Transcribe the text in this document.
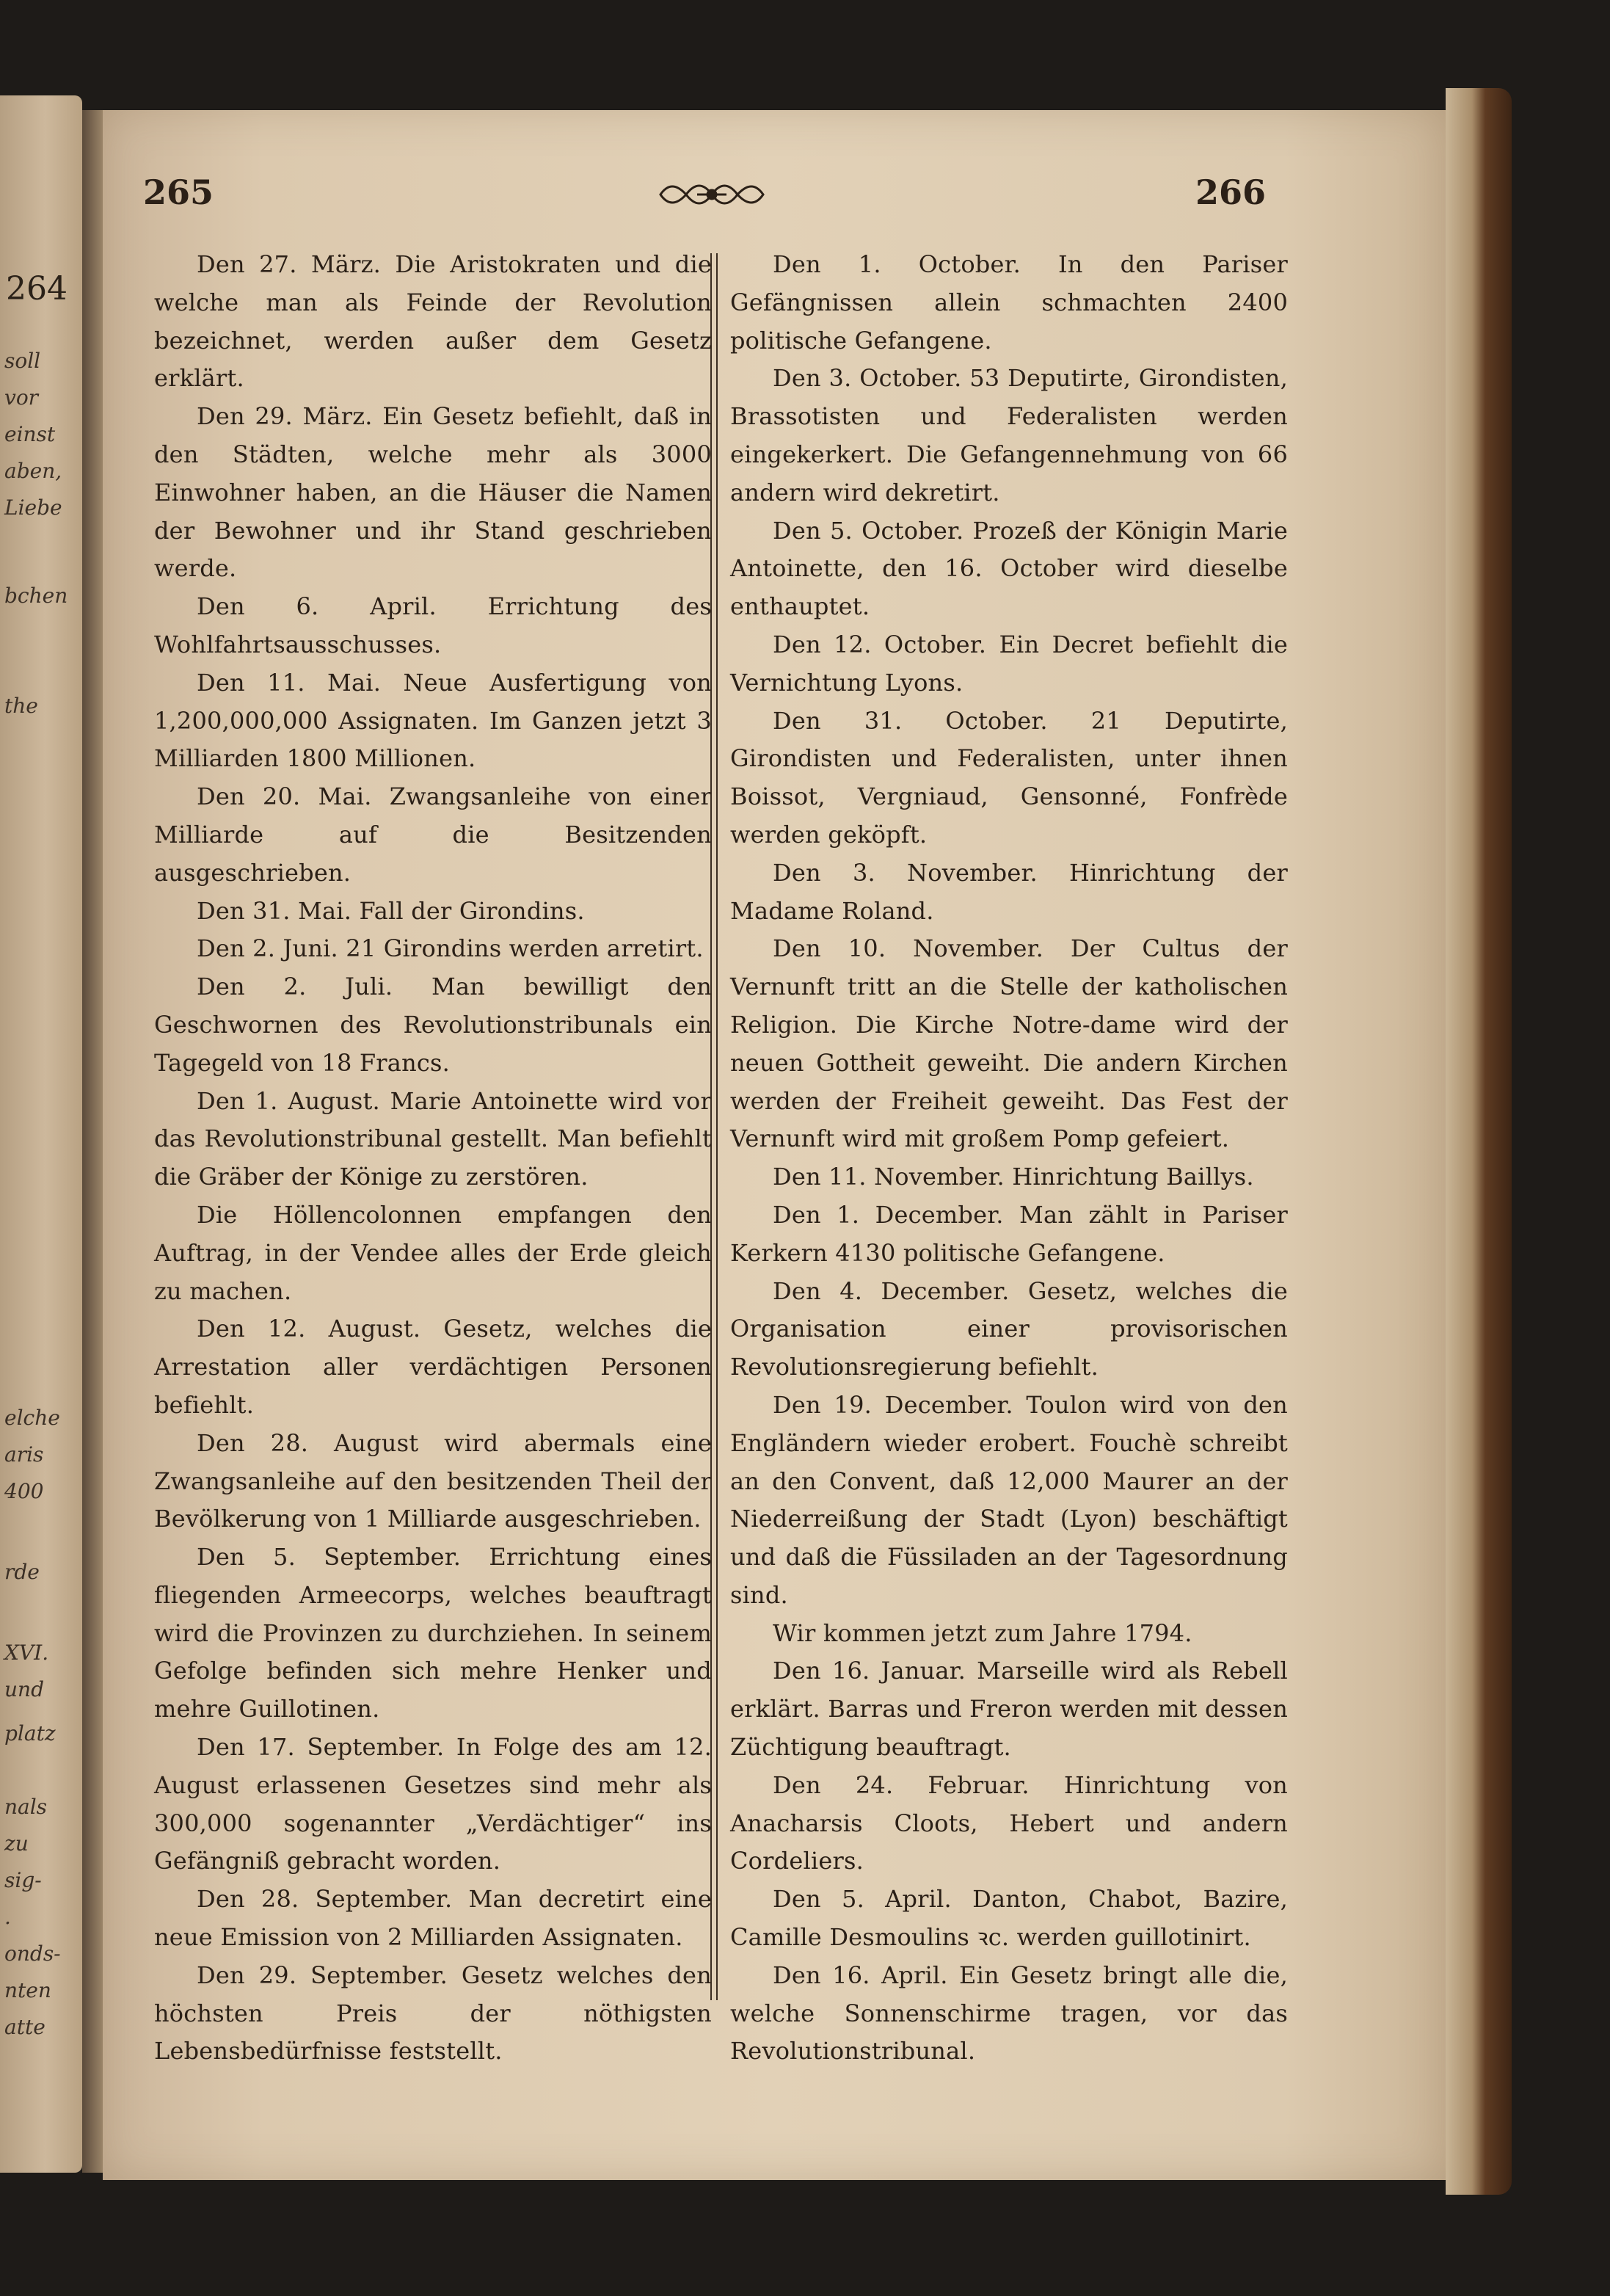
264
soll
vor
einst
aben,
Liebe
bchen
the
elche
aris
400
rde
XVI.
und
platz
nals
zu
sig-
.
onds-
nten
atte
265	266

Den 27. März. Die Aristokraten und die welche man als Feinde der Revolution bezeichnet, werden außer dem Gesetz erklärt.

Den 29. März. Ein Gesetz befiehlt, daß in den Städten, welche mehr als 3000 Einwohner haben, an die Häuser die Namen der Bewohner und ihr Stand geschrieben werde.

Den 6. April. Errichtung des Wohlfahrtsausschusses.

Den 11. Mai. Neue Ausfertigung von 1,200,000,000 Assignaten. Im Ganzen jetzt 3 Milliarden 1800 Millionen.

Den 20. Mai. Zwangsanleihe von einer Milliarde auf die Besitzenden ausgeschrieben.

Den 31. Mai. Fall der Girondins.

Den 2. Juni. 21 Girondins werden arretirt.

Den 2. Juli. Man bewilligt den Geschwornen des Revolutionstribunals ein Tagegeld von 18 Francs.

Den 1. August. Marie Antoinette wird vor das Revolutionstribunal gestellt. Man befiehlt die Gräber der Könige zu zerstören.

Die Höllencolonnen empfangen den Auftrag, in der Vendee alles der Erde gleich zu machen.

Den 12. August. Gesetz, welches die Arrestation aller verdächtigen Personen befiehlt.

Den 28. August wird abermals eine Zwangsanleihe auf den besitzenden Theil der Bevölkerung von 1 Milliarde ausgeschrieben.

Den 5. September. Errichtung eines fliegenden Armeecorps, welches beauftragt wird die Provinzen zu durchziehen. In seinem Gefolge befinden sich mehre Henker und mehre Guillotinen.

Den 17. September. In Folge des am 12. August erlassenen Gesetzes sind mehr als 300,000 sogenannter „Verdächtiger“ ins Gefängniß gebracht worden.

Den 28. September. Man decretirt eine neue Emission von 2 Milliarden Assignaten.

Den 29. September. Gesetz welches den höchsten Preis der nöthigsten Lebensbedürfnisse feststellt.

Den 1. October. In den Pariser Gefängnissen allein schmachten 2400 politische Gefangene.

Den 3. October. 53 Deputirte, Girondisten, Brassotisten und Federalisten werden eingekerkert. Die Gefangennehmung von 66 andern wird dekretirt.

Den 5. October. Prozeß der Königin Marie Antoinette, den 16. October wird dieselbe enthauptet.

Den 12. October. Ein Decret befiehlt die Vernichtung Lyons.

Den 31. October. 21 Deputirte, Girondisten und Federalisten, unter ihnen Boissot, Vergniaud, Gensonné, Fonfrède werden geköpft.

Den 3. November. Hinrichtung der Madame Roland.

Den 10. November. Der Cultus der Vernunft tritt an die Stelle der katholischen Religion. Die Kirche Notre-dame wird der neuen Gottheit geweiht. Die andern Kirchen werden der Freiheit geweiht. Das Fest der Vernunft wird mit großem Pomp gefeiert.

Den 11. November. Hinrichtung Baillys.

Den 1. December. Man zählt in Pariser Kerkern 4130 politische Gefangene.

Den 4. December. Gesetz, welches die Organisation einer provisorischen Revolutionsregierung befiehlt.

Den 19. December. Toulon wird von den Engländern wieder erobert. Fouchè schreibt an den Convent, daß 12,000 Maurer an der Niederreißung der Stadt (Lyon) beschäftigt und daß die Füssiladen an der Tagesordnung sind.

Wir kommen jetzt zum Jahre 1794.

Den 16. Januar. Marseille wird als Rebell erklärt. Barras und Freron werden mit dessen Züchtigung beauftragt.

Den 24. Februar. Hinrichtung von Anacharsis Cloots, Hebert und andern Cordeliers.

Den 5. April. Danton, Chabot, Bazire, Camille Desmoulins ꝛc. werden guillotinirt.

Den 16. April. Ein Gesetz bringt alle die, welche Sonnenschirme tragen, vor das Revolutionstribunal.
